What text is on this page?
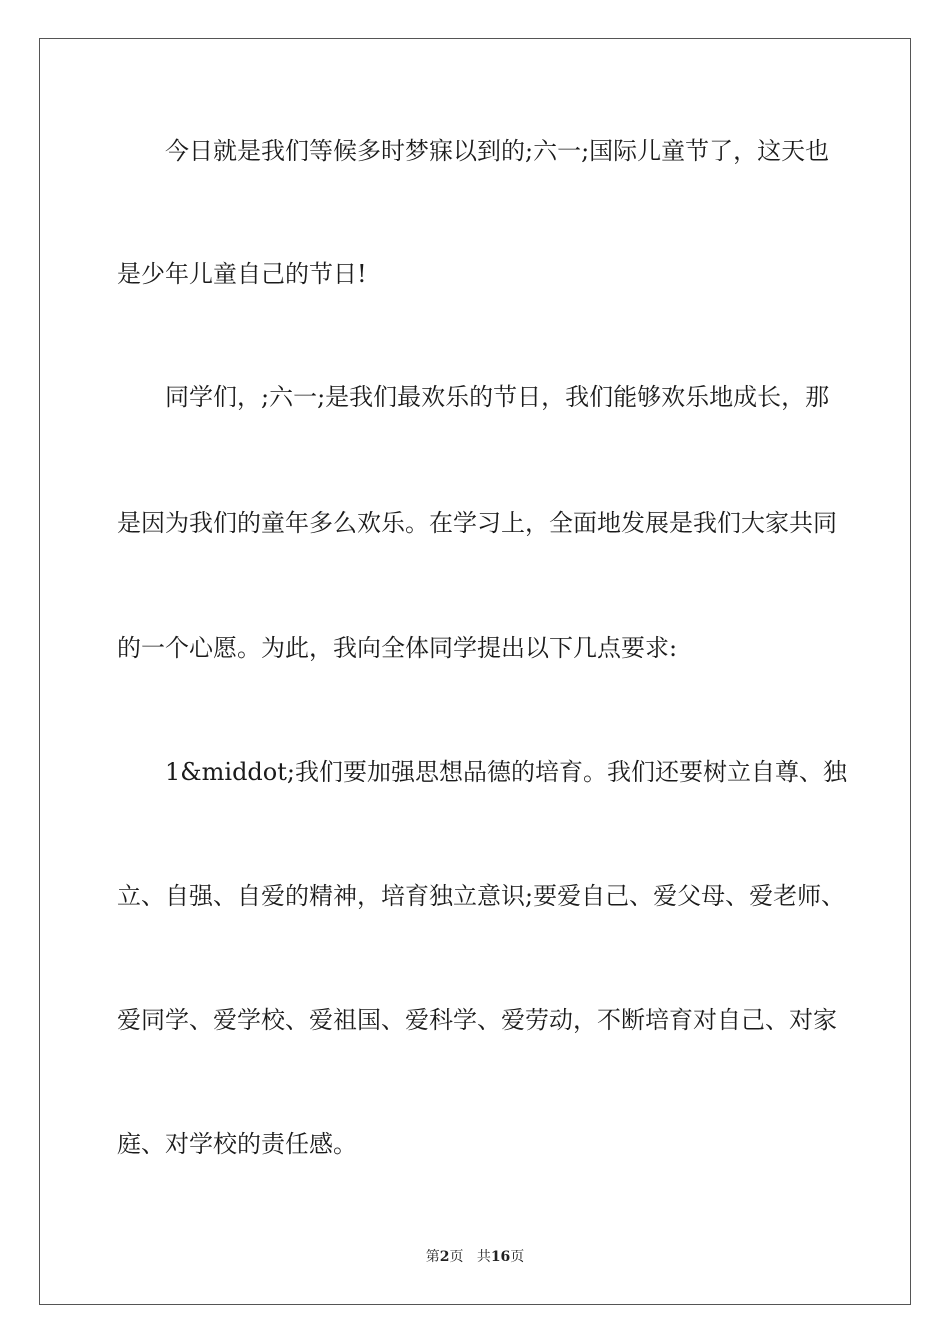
今日就是我们等候多时梦寐以到的;六一;国际儿童节了，这天也

是少年儿童自己的节日!

同学们，;六一;是我们最欢乐的节日，我们能够欢乐地成长，那

是因为我们的童年多么欢乐。在学习上，全面地发展是我们大家共同

的一个心愿。为此，我向全体同学提出以下几点要求:

1&middot;我们要加强思想品德的培育。我们还要树立自尊、独

立、自强、自爱的精神，培育独立意识;要爱自己、爱父母、爱老师、

爱同学、爱学校、爱祖国、爱科学、爱劳动，不断培育对自己、对家

庭、对学校的责任感。

第2页 共16页
